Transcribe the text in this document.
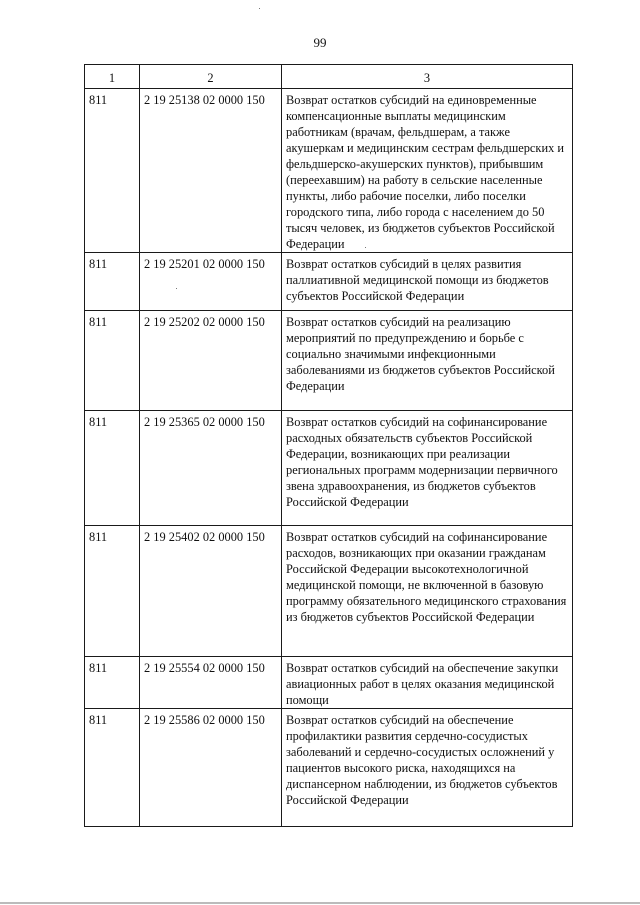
99
1	2	3
811	2 19 25138 02 0000 150	Возврат остатков субсидий на единовременные компенсационные выплаты медицинским работникам (врачам, фельдшерам, а также акушеркам и медицинским сестрам фельдшерских и фельдшерско-акушерских пунктов), прибывшим (переехавшим) на работу в сельские населенные пункты, либо рабочие поселки, либо поселки городского типа, либо города с населением до 50 тысяч человек, из бюджетов субъектов Российской Федерации
811	2 19 25201 02 0000 150	Возврат остатков субсидий в целях развития паллиативной медицинской помощи из бюджетов субъектов Российской Федерации
811	2 19 25202 02 0000 150	Возврат остатков субсидий на реализацию мероприятий по предупреждению и борьбе с социально значимыми инфекционными заболеваниями из бюджетов субъектов Российской Федерации
811	2 19 25365 02 0000 150	Возврат остатков субсидий на софинансирование расходных обязательств субъектов Российской Федерации, возникающих при реализации региональных программ модернизации первичного звена здравоохранения, из бюджетов субъектов Российской Федерации
811	2 19 25402 02 0000 150	Возврат остатков субсидий на софинансирование расходов, возникающих при оказании гражданам Российской Федерации высокотехнологичной медицинской помощи, не включенной в базовую программу обязательного медицинского страхования из бюджетов субъектов Российской Федерации
811	2 19 25554 02 0000 150	Возврат остатков субсидий на обеспечение закупки авиационных работ в целях оказания медицинской помощи
811	2 19 25586 02 0000 150	Возврат остатков субсидий на обеспечение профилактики развития сердечно-сосудистых заболеваний и сердечно-сосудистых осложнений у пациентов высокого риска, находящихся на диспансерном наблюдении, из бюджетов субъектов Российской Федерации
